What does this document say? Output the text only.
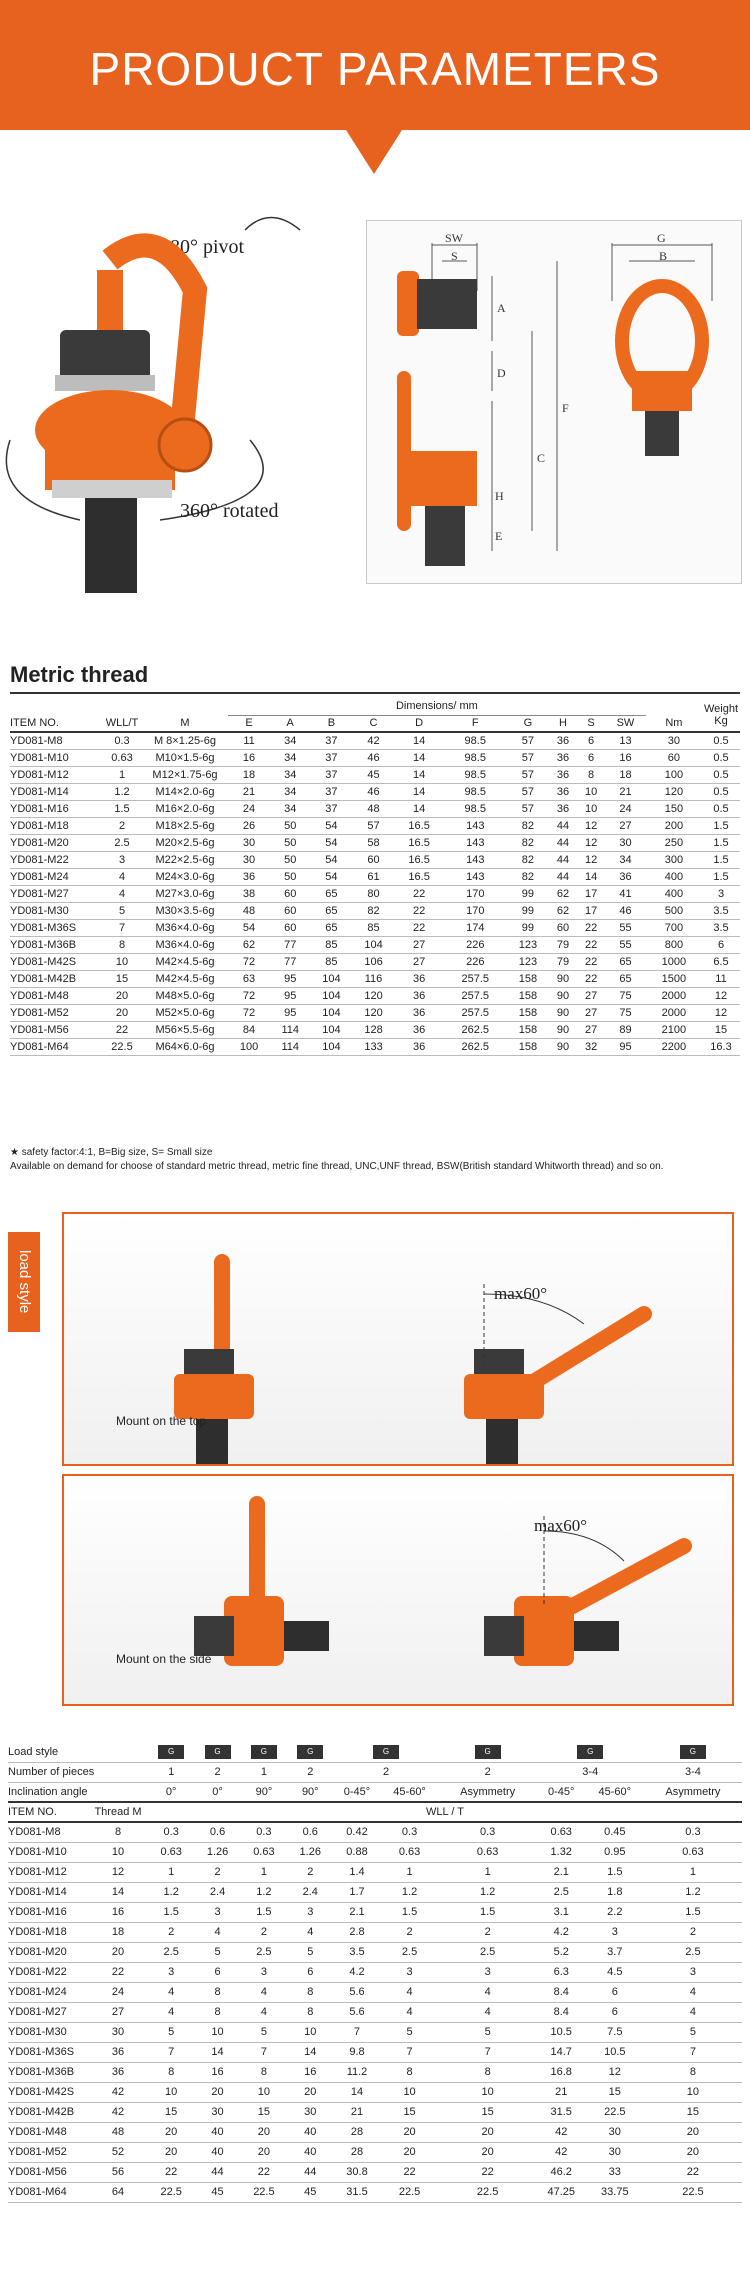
PRODUCT PARAMETERS
180° pivot
360° rotated
SW
S
A
D
F
C
H
E
G
B
Metric thread
			Dimensions/ mm											Weight Kg
ITEM NO.	WLL/T	M	E	A	B	C	D	F	G	H	S	SW	Nm	
YD081-M8	0.3	M 8×1.25-6g	11	34	37	42	14	98.5	57	36	6	13	30	0.5
YD081-M10	0.63	M10×1.5-6g	16	34	37	46	14	98.5	57	36	6	16	60	0.5
YD081-M12	1	M12×1.75-6g	18	34	37	45	14	98.5	57	36	8	18	100	0.5
YD081-M14	1.2	M14×2.0-6g	21	34	37	46	14	98.5	57	36	10	21	120	0.5
YD081-M16	1.5	M16×2.0-6g	24	34	37	48	14	98.5	57	36	10	24	150	0.5
YD081-M18	2	M18×2.5-6g	26	50	54	57	16.5	143	82	44	12	27	200	1.5
YD081-M20	2.5	M20×2.5-6g	30	50	54	58	16.5	143	82	44	12	30	250	1.5
YD081-M22	3	M22×2.5-6g	30	50	54	60	16.5	143	82	44	12	34	300	1.5
YD081-M24	4	M24×3.0-6g	36	50	54	61	16.5	143	82	44	14	36	400	1.5
YD081-M27	4	M27×3.0-6g	38	60	65	80	22	170	99	62	17	41	400	3
YD081-M30	5	M30×3.5-6g	48	60	65	82	22	170	99	62	17	46	500	3.5
YD081-M36S	7	M36×4.0-6g	54	60	65	85	22	174	99	60	22	55	700	3.5
YD081-M36B	8	M36×4.0-6g	62	77	85	104	27	226	123	79	22	55	800	6
YD081-M42S	10	M42×4.5-6g	72	77	85	106	27	226	123	79	22	65	1000	6.5
YD081-M42B	15	M42×4.5-6g	63	95	104	116	36	257.5	158	90	22	65	1500	11
YD081-M48	20	M48×5.0-6g	72	95	104	120	36	257.5	158	90	27	75	2000	12
YD081-M52	20	M52×5.0-6g	72	95	104	120	36	257.5	158	90	27	75	2000	12
YD081-M56	22	M56×5.5-6g	84	114	104	128	36	262.5	158	90	27	89	2100	15
YD081-M64	22.5	M64×6.0-6g	100	114	104	133	36	262.5	158	90	32	95	2200	16.3
★ safety factor:4:1, B=Big size, S= Small size
Available on demand for choose of standard metric thread, metric fine thread, UNC,UNF thread, BSW(British standard Whitworth thread) and so on.
load style
Mount on the top
max60°
Mount on the side
max60°
Load style		G	G	G	G	G		G	G		G
Number of pieces		1	2	1	2	2		2	3-4		3-4
Inclination angle		0°	0°	90°	90°	0-45°	45-60°	Asymmetry	0-45°	45-60°	Asymmetry
ITEM NO.	Thread M	WLL / T									
YD081-M8	8	0.3	0.6	0.3	0.6	0.42	0.3	0.3	0.63	0.45	0.3
YD081-M10	10	0.63	1.26	0.63	1.26	0.88	0.63	0.63	1.32	0.95	0.63
YD081-M12	12	1	2	1	2	1.4	1	1	2.1	1.5	1
YD081-M14	14	1.2	2.4	1.2	2.4	1.7	1.2	1.2	2.5	1.8	1.2
YD081-M16	16	1.5	3	1.5	3	2.1	1.5	1.5	3.1	2.2	1.5
YD081-M18	18	2	4	2	4	2.8	2	2	4.2	3	2
YD081-M20	20	2.5	5	2.5	5	3.5	2.5	2.5	5.2	3.7	2.5
YD081-M22	22	3	6	3	6	4.2	3	3	6.3	4.5	3
YD081-M24	24	4	8	4	8	5.6	4	4	8.4	6	4
YD081-M27	27	4	8	4	8	5.6	4	4	8.4	6	4
YD081-M30	30	5	10	5	10	7	5	5	10.5	7.5	5
YD081-M36S	36	7	14	7	14	9.8	7	7	14.7	10.5	7
YD081-M36B	36	8	16	8	16	11.2	8	8	16.8	12	8
YD081-M42S	42	10	20	10	20	14	10	10	21	15	10
YD081-M42B	42	15	30	15	30	21	15	15	31.5	22.5	15
YD081-M48	48	20	40	20	40	28	20	20	42	30	20
YD081-M52	52	20	40	20	40	28	20	20	42	30	20
YD081-M56	56	22	44	22	44	30.8	22	22	46.2	33	22
YD081-M64	64	22.5	45	22.5	45	31.5	22.5	22.5	47.25	33.75	22.5
